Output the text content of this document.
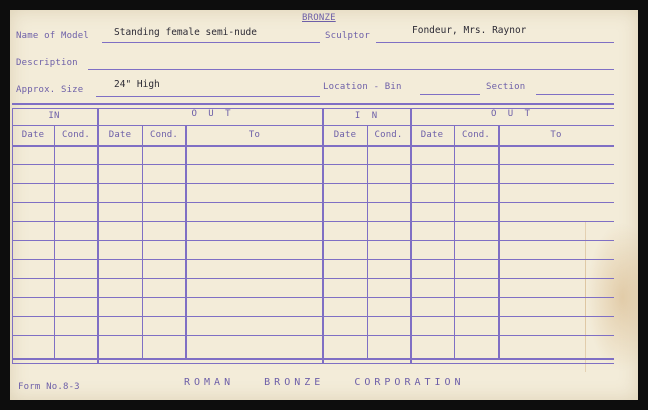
BRONZE
Name of Model	Standing female semi-nude	Sculptor	Fondeur, Mrs. Raynor
Description
Approx. Size	24" High	Location - Bin	Section
IN	O U T	I N	O U T
Date	Cond.	Date	Cond.	To	Date	Cond.	Date	Cond.	To
Form No.8-3	ROMAN   BRONZE   CORPORATION
